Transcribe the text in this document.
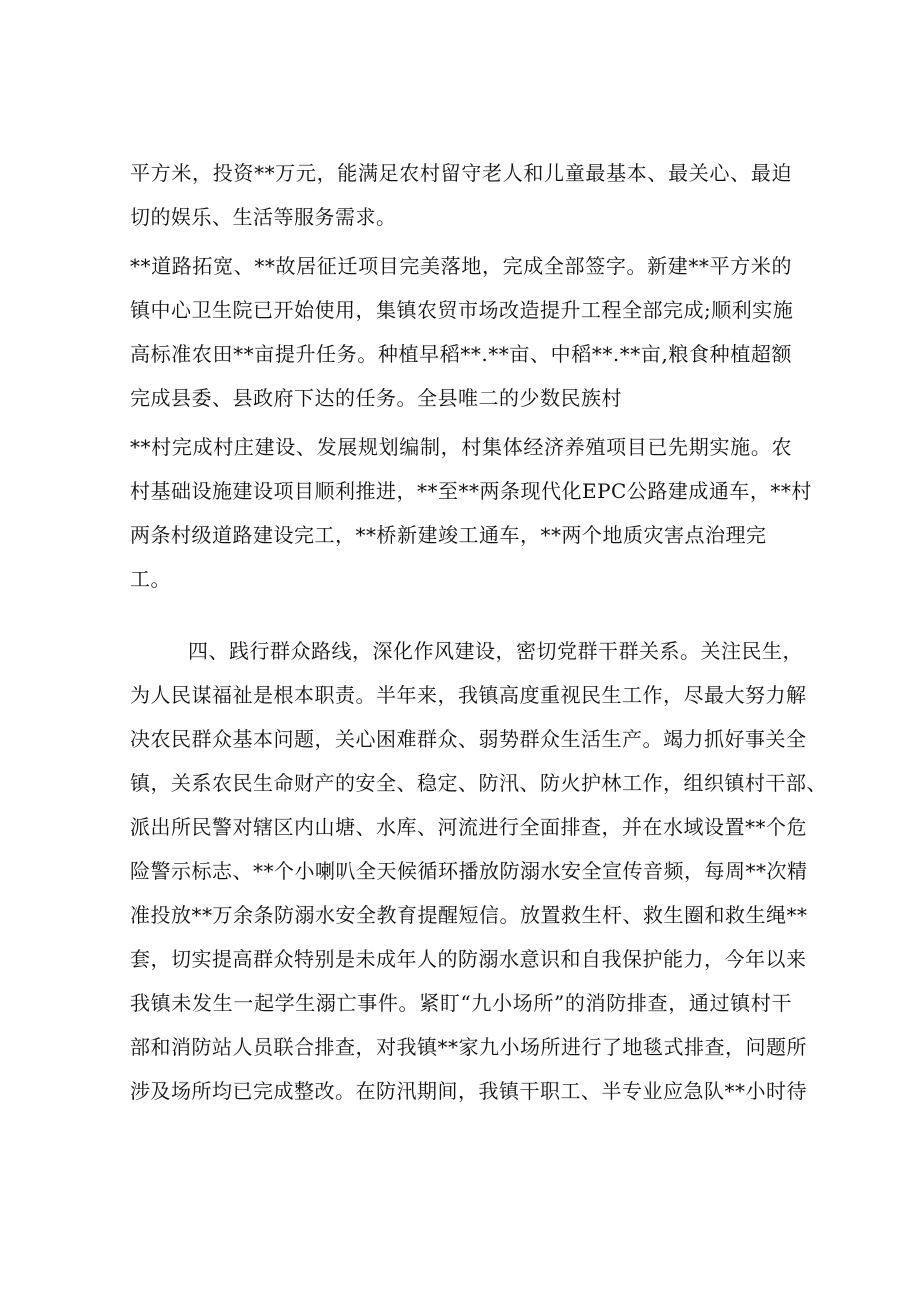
平方米，投资**万元，能满足农村留守老人和儿童最基本、最关心、最迫
切的娱乐、生活等服务需求。
**道路拓宽、**故居征迁项目完美落地，完成全部签字。新建**平方米的
镇中心卫生院已开始使用，集镇农贸市场改造提升工程全部完成;顺利实施
高标准农田**亩提升任务。种植早稻**.**亩、中稻**.**亩,粮食种植超额
完成县委、县政府下达的任务。全县唯二的少数民族村
**村完成村庄建设、发展规划编制，村集体经济养殖项目已先期实施。农
村基础设施建设项目顺利推进，**至**两条现代化EPC公路建成通车，**村
两条村级道路建设完工，**桥新建竣工通车，**两个地质灾害点治理完
工。
四、践行群众路线，深化作风建设，密切党群干群关系。关注民生，
为人民谋福祉是根本职责。半年来，我镇高度重视民生工作，尽最大努力解
决农民群众基本问题，关心困难群众、弱势群众生活生产。竭力抓好事关全
镇，关系农民生命财产的安全、稳定、防汛、防火护林工作，组织镇村干部、
派出所民警对辖区内山塘、水库、河流进行全面排查，并在水域设置**个危
险警示标志、**个小喇叭全天候循环播放防溺水安全宣传音频，每周**次精
准投放**万余条防溺水安全教育提醒短信。放置救生杆、救生圈和救生绳**
套，切实提高群众特别是未成年人的防溺水意识和自我保护能力，今年以来
我镇未发生一起学生溺亡事件。紧盯“九小场所”的消防排查，通过镇村干
部和消防站人员联合排查，对我镇**家九小场所进行了地毯式排查，问题所
涉及场所均已完成整改。在防汛期间，我镇干职工、半专业应急队**小时待
